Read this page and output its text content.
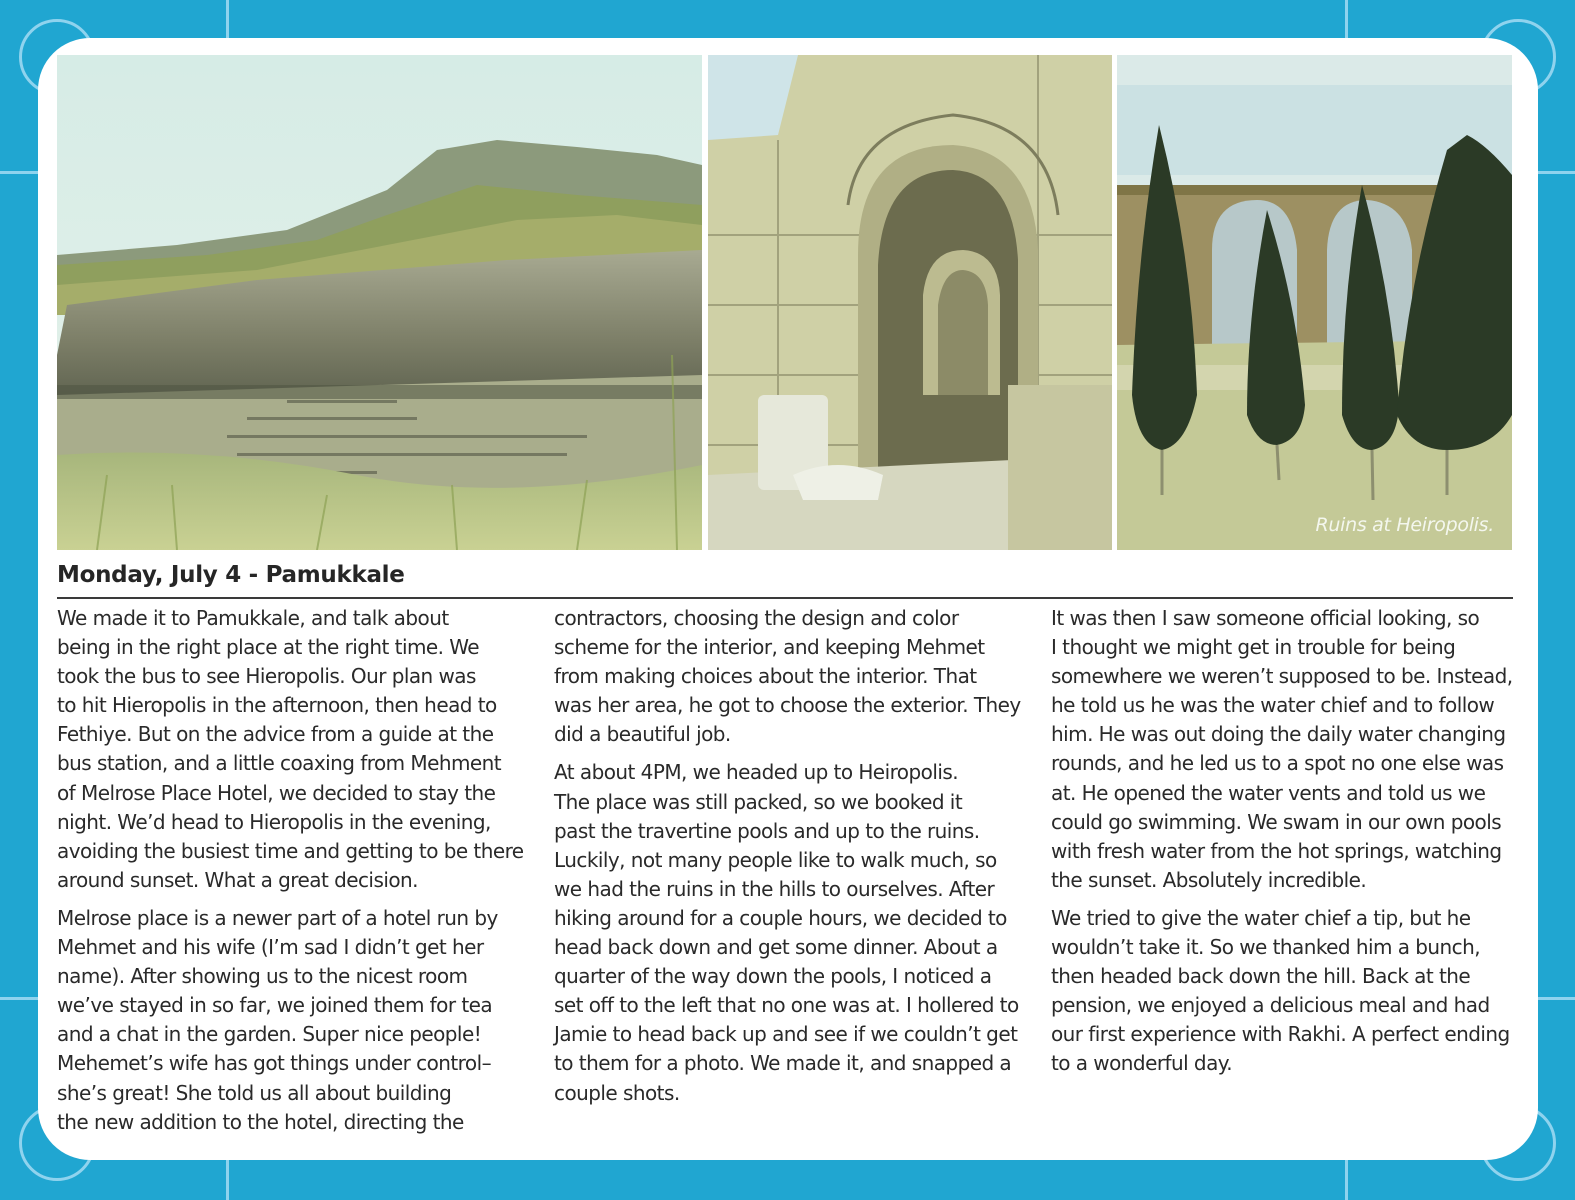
Ruins at Heiropolis.
Monday, July 4 - Pamukkale

We made it to Pamukkale, and talk about
being in the right place at the right time. We
took the bus to see Hieropolis. Our plan was
to hit Hieropolis in the afternoon, then head to
Fethiye. But on the advice from a guide at the
bus station, and a little coaxing from Mehment
of Melrose Place Hotel, we decided to stay the
night. We’d head to Hieropolis in the evening,
avoiding the busiest time and getting to be there
around sunset. What a great decision.

Melrose place is a newer part of a hotel run by
Mehmet and his wife (I’m sad I didn’t get her
name). After showing us to the nicest room
we’ve stayed in so far, we joined them for tea
and a chat in the garden. Super nice people!
Mehemet’s wife has got things under control–
she’s great! She told us all about building
the new addition to the hotel, directing the

contractors, choosing the design and color
scheme for the interior, and keeping Mehmet
from making choices about the interior. That
was her area, he got to choose the exterior. They
did a beautiful job.

At about 4PM, we headed up to Heiropolis.
The place was still packed, so we booked it
past the travertine pools and up to the ruins.
Luckily, not many people like to walk much, so
we had the ruins in the hills to ourselves. After
hiking around for a couple hours, we decided to
head back down and get some dinner. About a
quarter of the way down the pools, I noticed a
set off to the left that no one was at. I hollered to
Jamie to head back up and see if we couldn’t get
to them for a photo. We made it, and snapped a
couple shots.

It was then I saw someone official looking, so
I thought we might get in trouble for being
somewhere we weren’t supposed to be. Instead,
he told us he was the water chief and to follow
him. He was out doing the daily water changing
rounds, and he led us to a spot no one else was
at. He opened the water vents and told us we
could go swimming. We swam in our own pools
with fresh water from the hot springs, watching
the sunset. Absolutely incredible.

We tried to give the water chief a tip, but he
wouldn’t take it. So we thanked him a bunch,
then headed back down the hill. Back at the
pension, we enjoyed a delicious meal and had
our first experience with Rakhi. A perfect ending
to a wonderful day.
